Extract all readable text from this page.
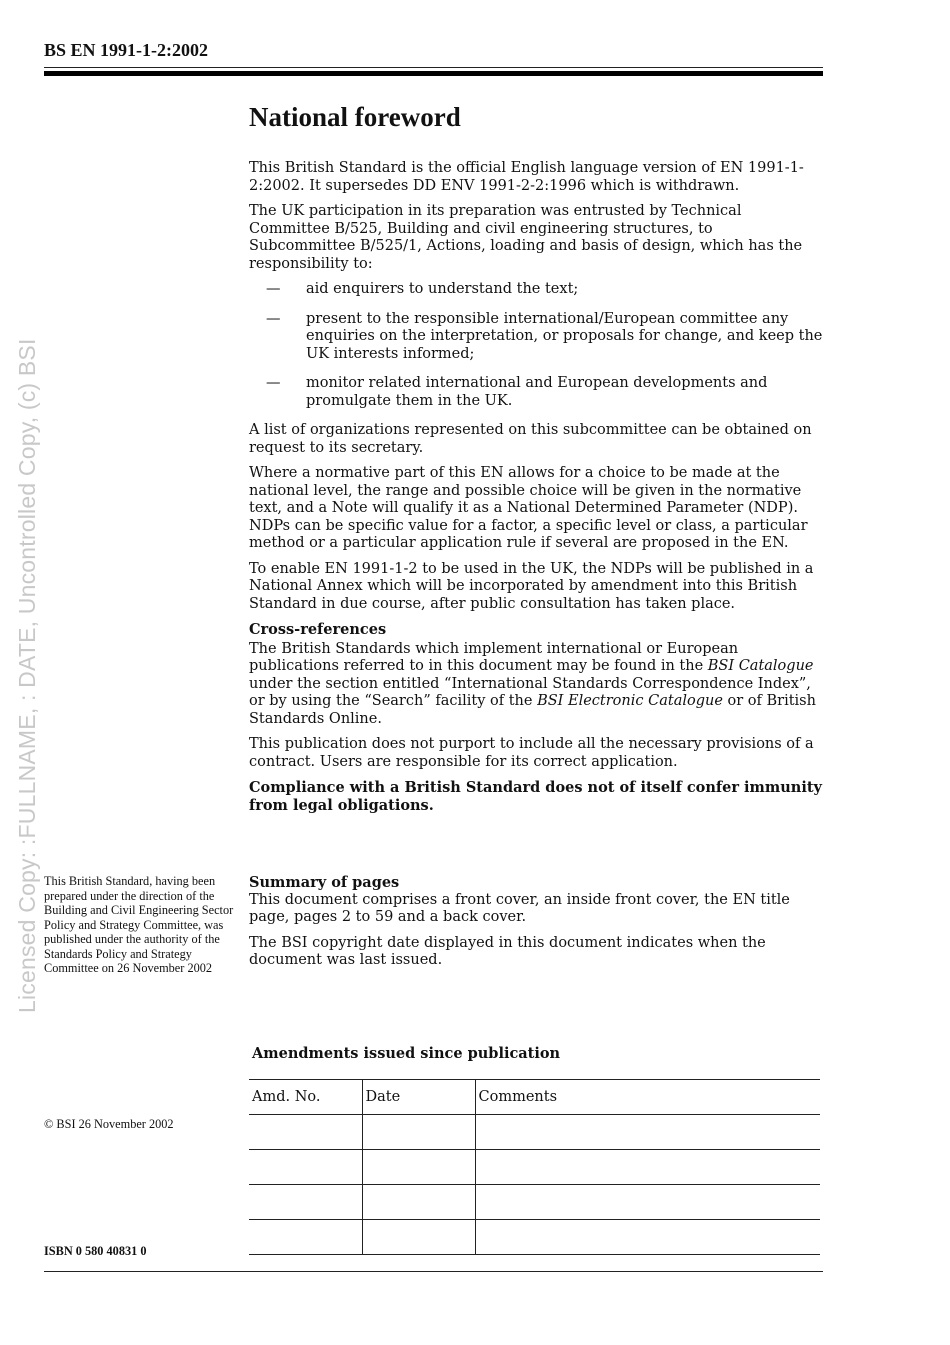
BS EN 1991-1-2:2002
Licensed Copy: :FULLNAME, : DATE, Uncontrolled Copy, (c) BSI
National foreword

This British Standard is the official English language version of EN 1991-1-2:2002. It supersedes DD ENV 1991-2-2:1996 which is withdrawn.

The UK participation in its preparation was entrusted by Technical Committee B/525, Building and civil engineering structures, to Subcommittee B/525/1, Actions, loading and basis of design, which has the responsibility to:

— aid enquirers to understand the text;
— present to the responsible international/European committee any enquiries on the interpretation, or proposals for change, and keep the UK interests informed;
— monitor related international and European developments and promulgate them in the UK.

A list of organizations represented on this subcommittee can be obtained on request to its secretary.

Where a normative part of this EN allows for a choice to be made at the national level, the range and possible choice will be given in the normative text, and a Note will qualify it as a National Determined Parameter (NDP). NDPs can be specific value for a factor, a specific level or class, a particular method or a particular application rule if several are proposed in the EN.

To enable EN 1991-1-2 to be used in the UK, the NDPs will be published in a National Annex which will be incorporated by amendment into this British Standard in due course, after public consultation has taken place.

Cross-references

The British Standards which implement international or European publications referred to in this document may be found in the BSI Catalogue under the section entitled “International Standards Correspondence Index”, or by using the “Search” facility of the BSI Electronic Catalogue or of British Standards Online.

This publication does not purport to include all the necessary provisions of a contract. Users are responsible for its correct application.

Compliance with a British Standard does not of itself confer immunity from legal obligations.

This British Standard, having been prepared under the direction of the Building and Civil Engineering Sector Policy and Strategy Committee, was published under the authority of the Standards Policy and Strategy Committee on 26 November 2002

Summary of pages

This document comprises a front cover, an inside front cover, the EN title page, pages 2 to 59 and a back cover.

The BSI copyright date displayed in this document indicates when the document was last issued.

Amendments issued since publication

Amd. No.	Date	Comments

© BSI 26 November 2002

ISBN 0 580 40831 0
